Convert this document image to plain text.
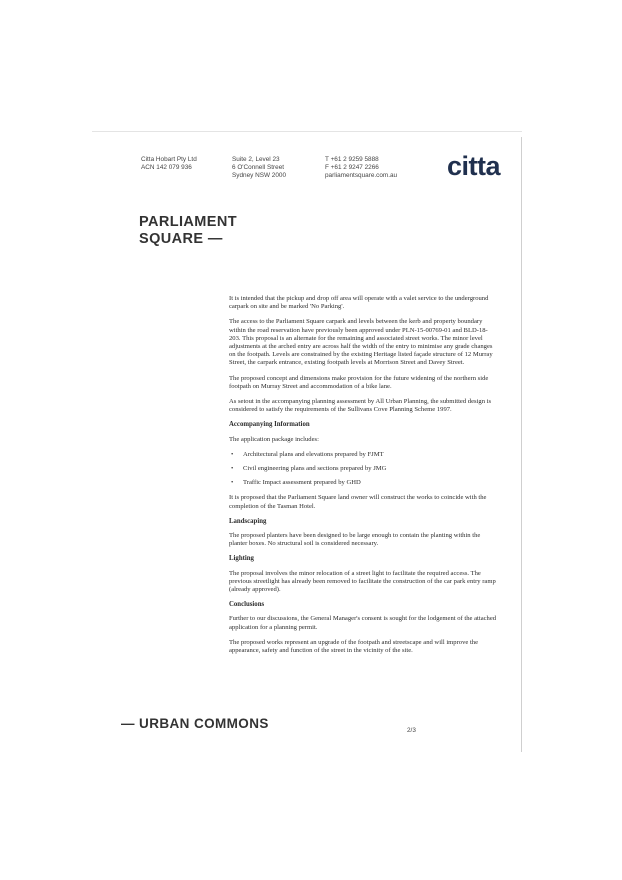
Citta Hobart Pty Ltd
ACN 142 079 936
Suite 2, Level 23
6 O'Connell Street
Sydney NSW 2000
T +61 2 9259 5888
F +61 2 9247 2266
parliamentsquare.com.au citta
PARLIAMENT
SQUARE —

It is intended that the pickup and drop off area will operate with a valet service to the underground carpark on site and be marked 'No Parking'.

The access to the Parliament Square carpark and levels between the kerb and property boundary within the road reservation have previously been approved under PLN-15-00769-01 and BLD-18-203. This proposal is an alternate for the remaining and associated street works. The minor level adjustments at the arched entry are across half the width of the entry to minimise any grade changes on the footpath. Levels are constrained by the existing Heritage listed façade structure of 12 Murray Street, the carpark entrance, existing footpath levels at Morrison Street and Davey Street.

The proposed concept and dimensions make provision for the future widening of the northern side footpath on Murray Street and accommodation of a bike lane.

As setout in the accompanying planning assessment by All Urban Planning, the submitted design is considered to satisfy the requirements of the Sullivans Cove Planning Scheme 1997.

Accompanying Information

The application package includes:

• Architectural plans and elevations prepared by FJMT
• Civil engineering plans and sections prepared by JMG
• Traffic Impact assessment prepared by GHD

It is proposed that the Parliament Square land owner will construct the works to coincide with the completion of the Tasman Hotel.

Landscaping

The proposed planters have been designed to be large enough to contain the planting within the planter boxes. No structural soil is considered necessary.

Lighting

The proposal involves the minor relocation of a street light to facilitate the required access. The previous streetlight has already been removed to facilitate the construction of the car park entry ramp (already approved).

Conclusions

Further to our discussions, the General Manager's consent is sought for the lodgement of the attached application for a planning permit.

The proposed works represent an upgrade of the footpath and streetscape and will improve the appearance, safety and function of the street in the vicinity of the site.

— URBAN COMMONS	2/3
